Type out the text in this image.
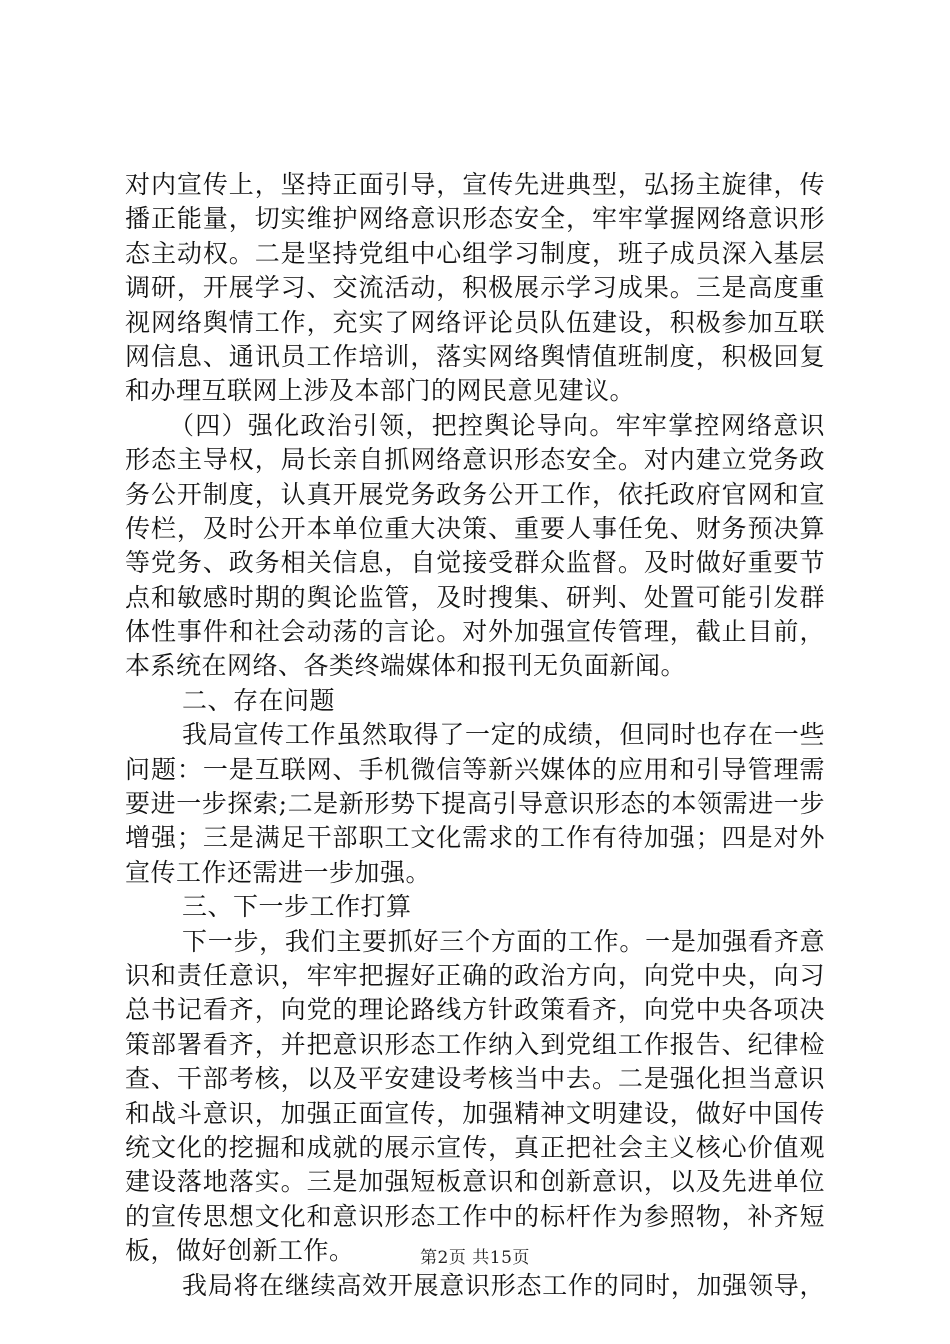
对内宣传上，坚持正面引导，宣传先进典型，弘扬主旋律，传
播正能量，切实维护网络意识形态安全，牢牢掌握网络意识形
态主动权。二是坚持党组中心组学习制度，班子成员深入基层
调研，开展学习、交流活动，积极展示学习成果。三是高度重
视网络舆情工作，充实了网络评论员队伍建设，积极参加互联
网信息、通讯员工作培训，落实网络舆情值班制度，积极回复
和办理互联网上涉及本部门的网民意见建议。
（四）强化政治引领，把控舆论导向。牢牢掌控网络意识
形态主导权，局长亲自抓网络意识形态安全。对内建立党务政
务公开制度，认真开展党务政务公开工作，依托政府官网和宣
传栏，及时公开本单位重大决策、重要人事任免、财务预决算
等党务、政务相关信息，自觉接受群众监督。及时做好重要节
点和敏感时期的舆论监管，及时搜集、研判、处置可能引发群
体性事件和社会动荡的言论。对外加强宣传管理，截止目前，
本系统在网络、各类终端媒体和报刊无负面新闻。
二、存在问题
我局宣传工作虽然取得了一定的成绩，但同时也存在一些
问题：一是互联网、手机微信等新兴媒体的应用和引导管理需
要进一步探索;二是新形势下提高引导意识形态的本领需进一步
增强；三是满足干部职工文化需求的工作有待加强；四是对外
宣传工作还需进一步加强。
三、下一步工作打算
下一步，我们主要抓好三个方面的工作。一是加强看齐意
识和责任意识，牢牢把握好正确的政治方向，向党中央，向习
总书记看齐，向党的理论路线方针政策看齐，向党中央各项决
策部署看齐，并把意识形态工作纳入到党组工作报告、纪律检
查、干部考核，以及平安建设考核当中去。二是强化担当意识
和战斗意识，加强正面宣传，加强精神文明建设，做好中国传
统文化的挖掘和成就的展示宣传，真正把社会主义核心价值观
建设落地落实。三是加强短板意识和创新意识，以及先进单位
的宣传思想文化和意识形态工作中的标杆作为参照物，补齐短
板，做好创新工作。
我局将在继续高效开展意识形态工作的同时，加强领导，
第2页 共15页
